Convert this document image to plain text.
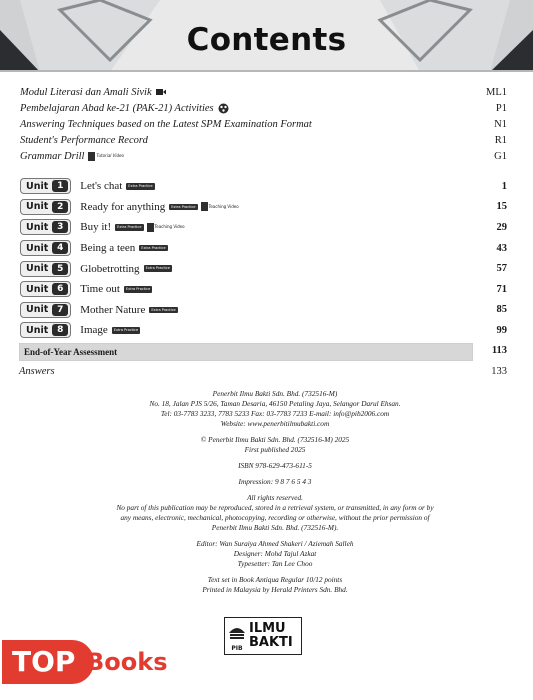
Contents
Modul Literasi dan Amali Sivik	ML1
Pembelajaran Abad ke-21 (PAK-21) Activities	P1
Answering Techniques based on the Latest SPM Examination Format	N1
Student's Performance Record	R1
Grammar Drill	Tutorial Video	G1
Unit 1	Let's chat	Extra Practice	1
Unit 2	Ready for anything	Extra Practice	Teaching Video	15
Unit 3	Buy it!	Extra Practice	Teaching Video	29
Unit 4	Being a teen	Extra Practice	43
Unit 5	Globetrotting	Extra Practice	57
Unit 6	Time out	Extra Practice	71
Unit 7	Mother Nature	Extra Practice	85
Unit 8	Image	Extra Practice	99
End-of-Year Assessment	113
Answers	133

Penerbit Ilmu Bakti Sdn. Bhd. (732516-M)

No. 18, Jalan PJS 5/26, Taman Desaria, 46150 Petaling Jaya, Selangor Darul Ehsan.

Tel: 03-7783 3233, 7783 5233 Fax: 03-7783 7233 E-mail: info@pib2006.com

Website: www.penerbitilmubakti.com

© Penerbit Ilmu Bakti Sdn. Bhd. (732516-M) 2025

First published 2025

ISBN 978-629-473-611-5

Impression: 9 8 7 6 5 4 3

All rights reserved.

No part of this publication may be reproduced, stored in a retrieval system, or transmitted, in any form or by

any means, electronic, mechanical, photocopying, recording or otherwise, without the prior permission of

Penerbit Ilmu Bakti Sdn. Bhd. (732516-M).

Editor: Wan Suraiya Ahmed Shakeri / Aziemah Salleh

Designer: Mohd Tajul Azkat

Typesetter: Tan Lee Choo

Text set in Book Antiqua Regular 10/12 points

Printed in Malaysia by Herald Printers Sdn. Bhd.

PIB
ILMU
BAKTI
TOP Books
